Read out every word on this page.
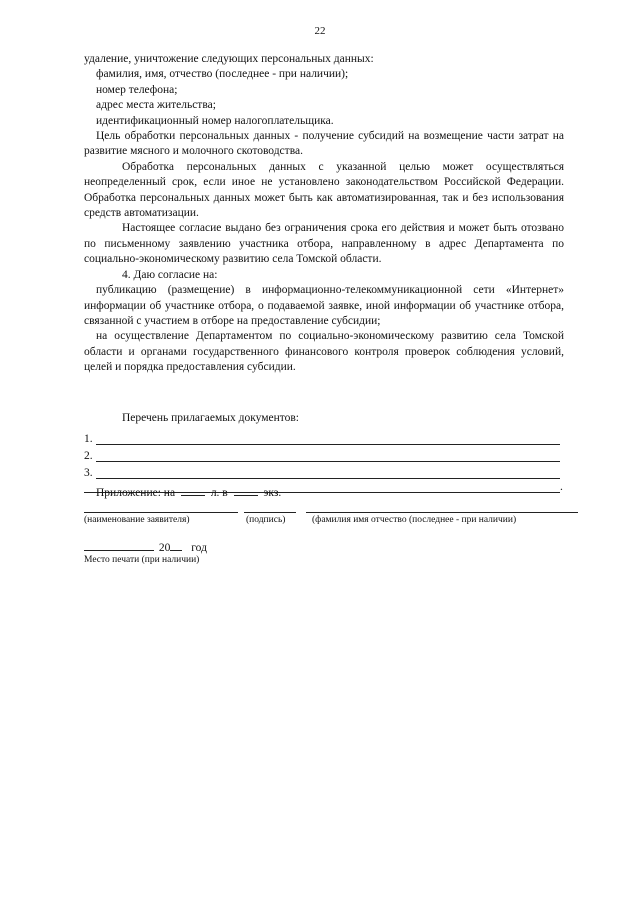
22

удаление, уничтожение следующих персональных данных:

фамилия, имя, отчество (последнее - при наличии);

номер телефона;

адрес места жительства;

идентификационный номер налогоплательщика.

Цель обработки персональных данных - получение субсидий на возмещение части затрат на развитие мясного и молочного скотоводства.

Обработка персональных данных с указанной целью может осуществляться неопределенный срок, если иное не установлено законодательством Российской Федерации. Обработка персональных данных может быть как автоматизированная, так и без использования средств автоматизации.

Настоящее согласие выдано без ограничения срока его действия и может быть отозвано по письменному заявлению участника отбора, направленному в адрес Департамента по социально-экономическому развитию села Томской области.

4. Даю согласие на:

публикацию (размещение) в информационно-телекоммуникационной сети «Интернет» информации об участнике отбора, о подаваемой заявке, иной информации об участнике отбора, связанной с участием в отборе на предоставление субсидии;

на осуществление Департаментом по социально-экономическому развитию села Томской области и органами государственного финансового контроля проверок соблюдения условий, целей и порядка предоставления субсидии.

Перечень прилагаемых документов:
1.
2.
3.
.
Приложение: на	л. в	экз.
(наименование заявителя)	(подпись)	(фамилия имя отчество (последнее - при наличии)
20 год
Место печати (при наличии)
